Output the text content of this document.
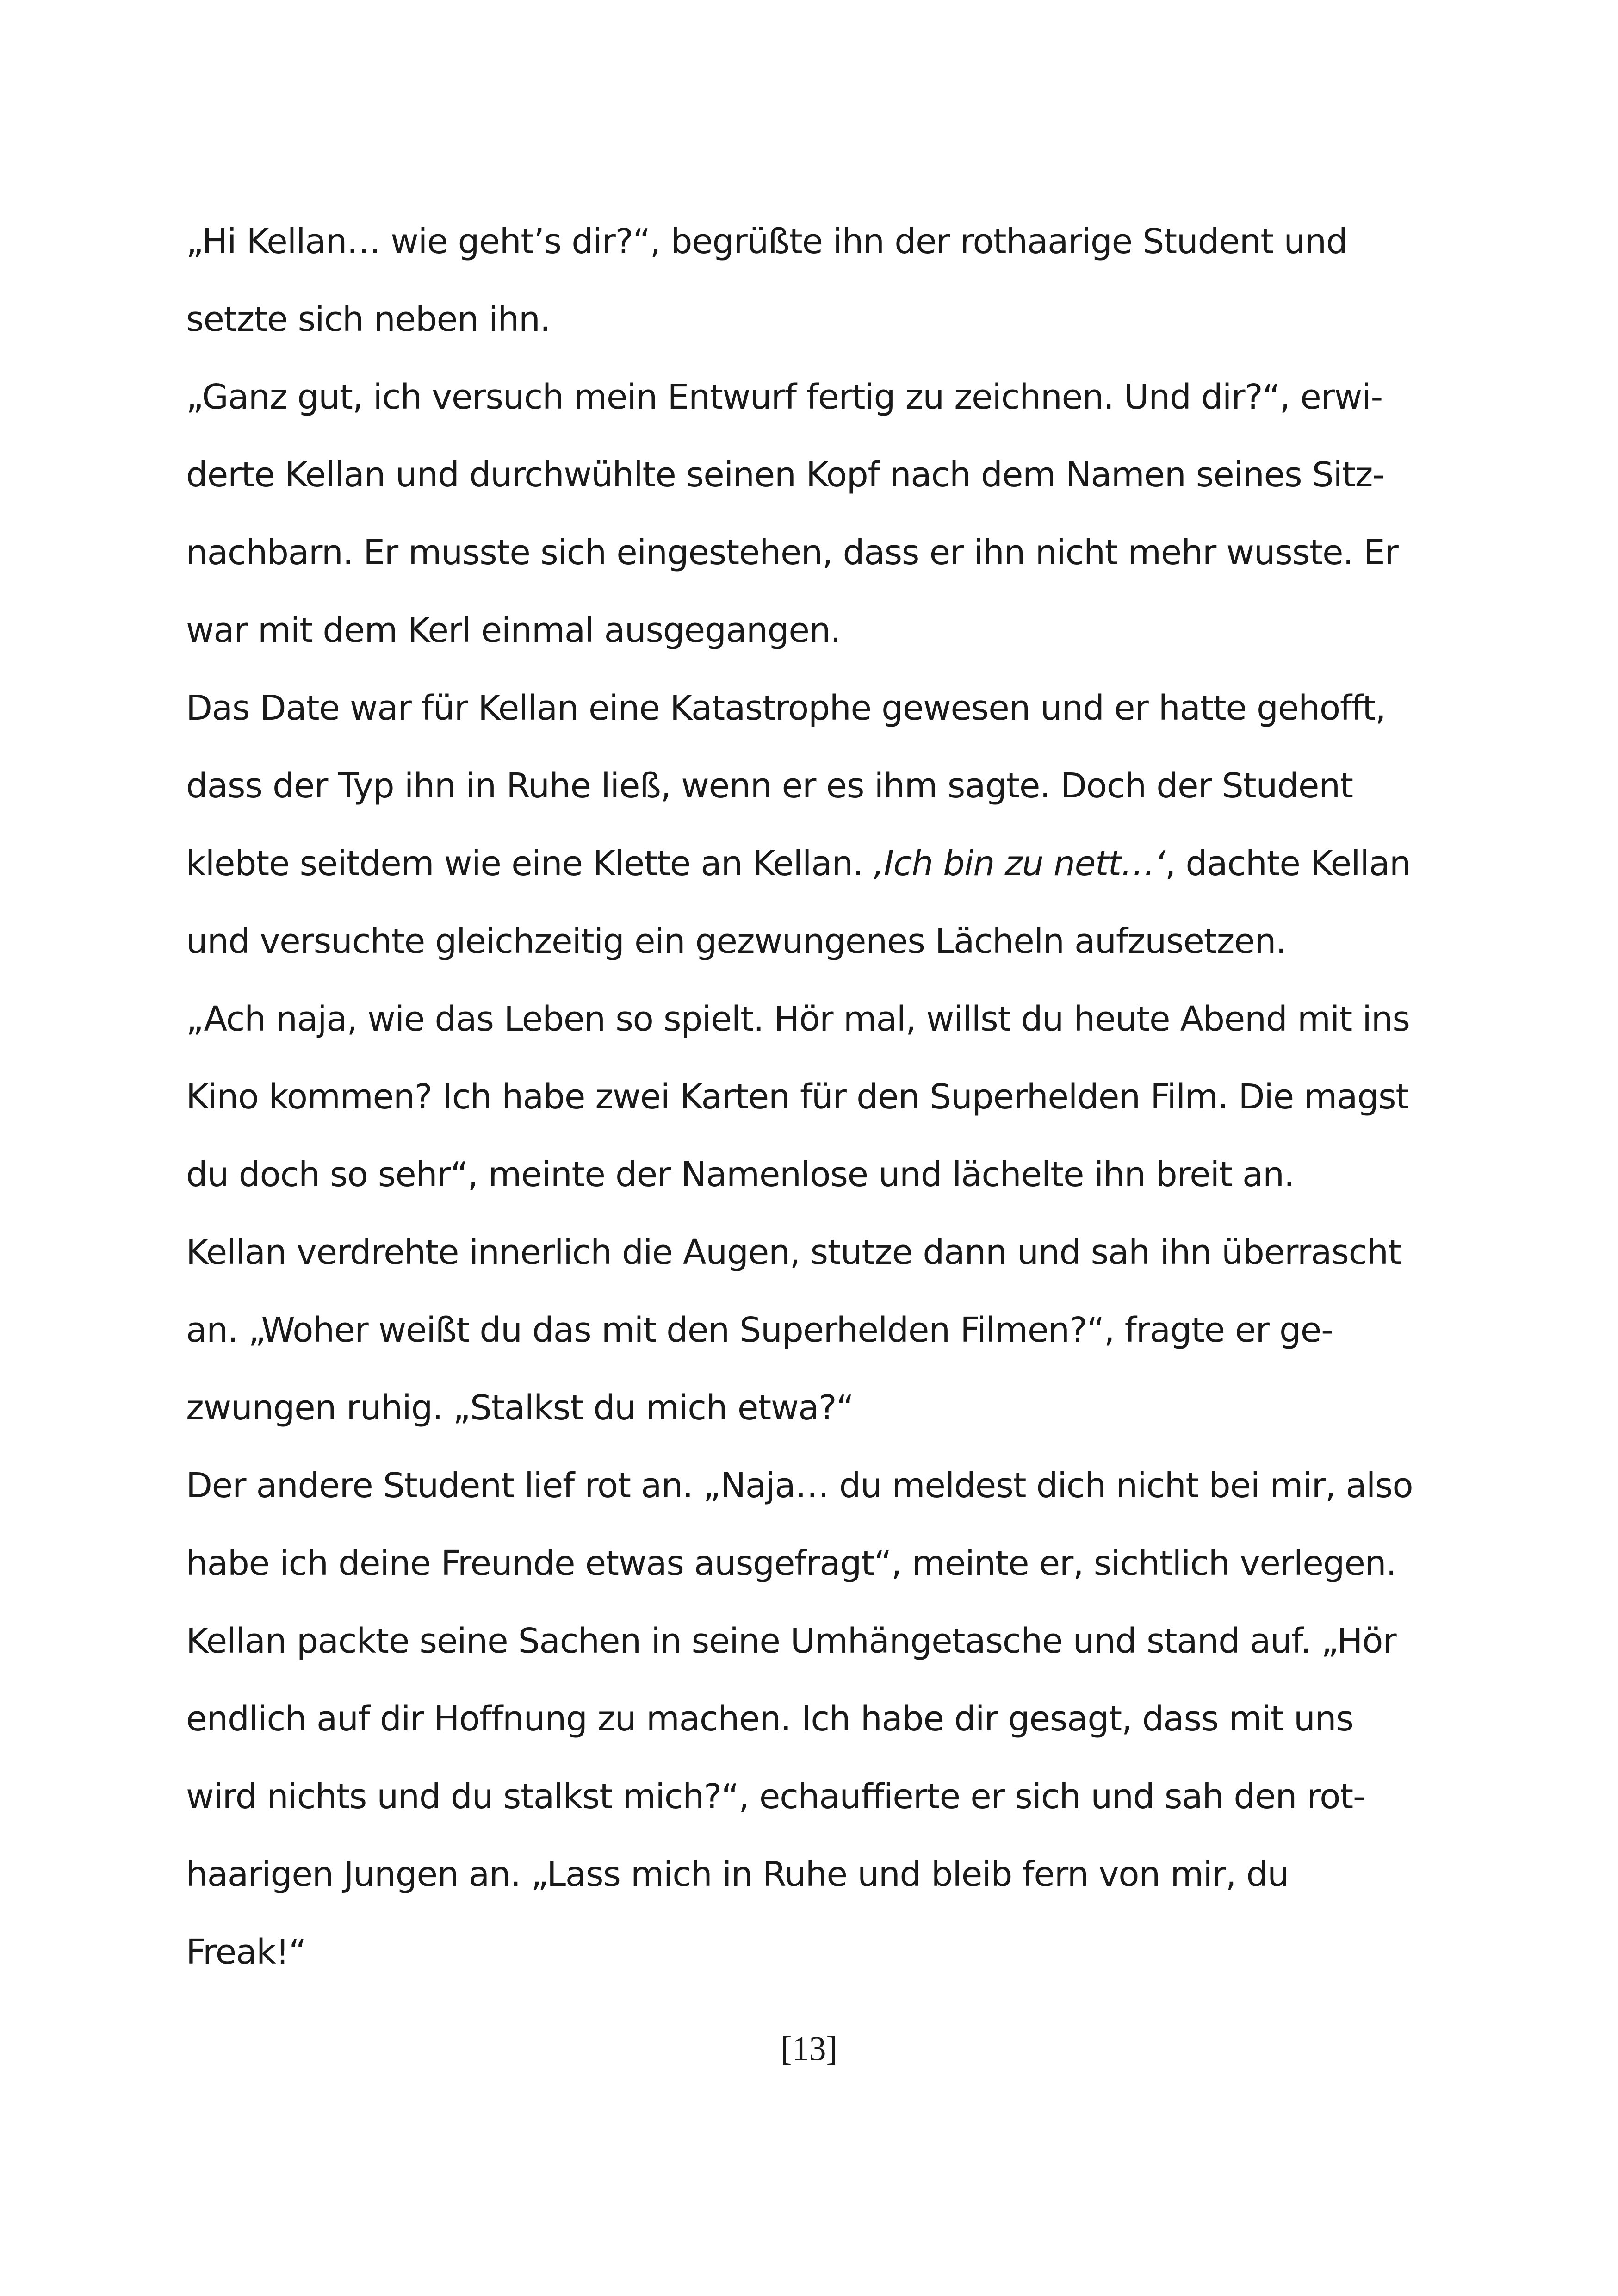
„Hi Kellan… wie geht’s dir?“, begrüßte ihn der rothaarige Student und
setzte sich neben ihn.
„Ganz gut, ich versuch mein Entwurf fertig zu zeichnen. Und dir?“, erwi-
derte Kellan und durchwühlte seinen Kopf nach dem Namen seines Sitz-
nachbarn. Er musste sich eingestehen, dass er ihn nicht mehr wusste. Er
war mit dem Kerl einmal ausgegangen.
Das Date war für Kellan eine Katastrophe gewesen und er hatte gehofft,
dass der Typ ihn in Ruhe ließ, wenn er es ihm sagte. Doch der Student
klebte seitdem wie eine Klette an Kellan. ‚Ich bin zu nett…‘, dachte Kellan
und versuchte gleichzeitig ein gezwungenes Lächeln aufzusetzen.
„Ach naja, wie das Leben so spielt. Hör mal, willst du heute Abend mit ins
Kino kommen? Ich habe zwei Karten für den Superhelden Film. Die magst
du doch so sehr“, meinte der Namenlose und lächelte ihn breit an.
Kellan verdrehte innerlich die Augen, stutze dann und sah ihn überrascht
an. „Woher weißt du das mit den Superhelden Filmen?“, fragte er ge-
zwungen ruhig. „Stalkst du mich etwa?“
Der andere Student lief rot an. „Naja… du meldest dich nicht bei mir, also
habe ich deine Freunde etwas ausgefragt“, meinte er, sichtlich verlegen.
Kellan packte seine Sachen in seine Umhängetasche und stand auf. „Hör
endlich auf dir Hoffnung zu machen. Ich habe dir gesagt, dass mit uns
wird nichts und du stalkst mich?“, echauffierte er sich und sah den rot-
haarigen Jungen an. „Lass mich in Ruhe und bleib fern von mir, du
Freak!“
[13]
